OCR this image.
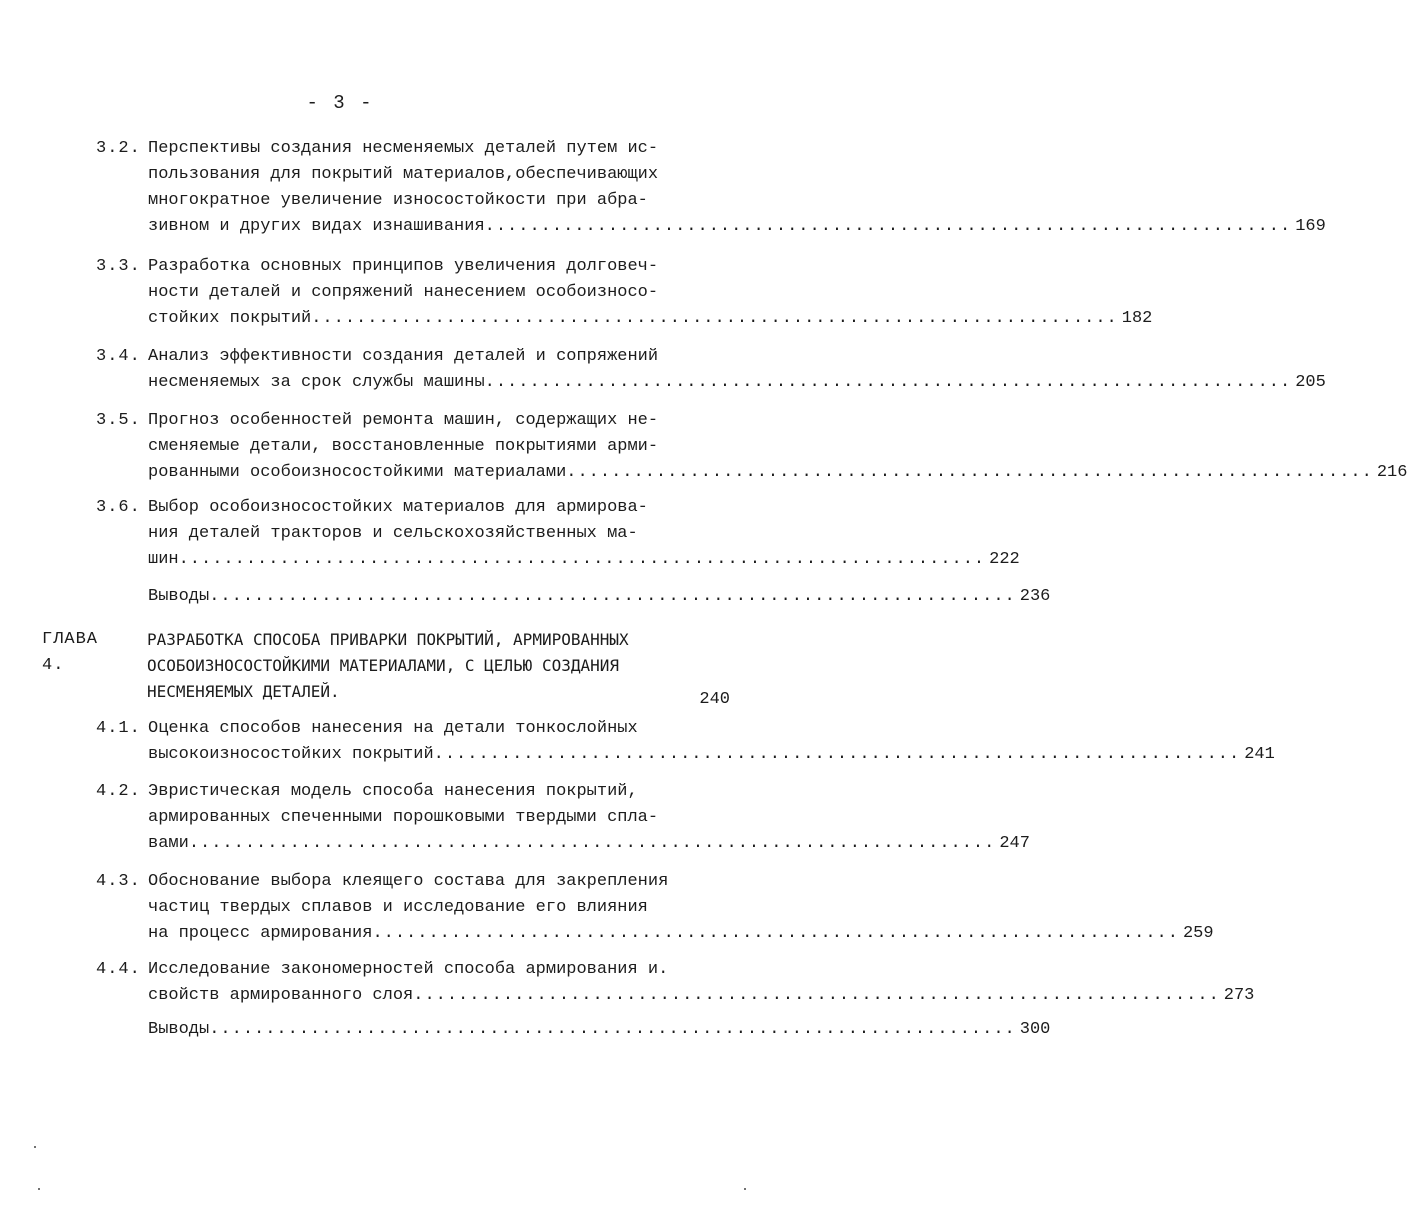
- 3 -
3.2. Перспективы создания несменяемых деталей путем ис-
пользования для покрытий материалов,обеспечивающих
многократное увеличение износостойкости при абра-
зивном и других видах изнашивания ........................................................................ 169
3.3. Разработка основных принципов увеличения долговеч-
ности деталей и сопряжений нанесением особоизносо-
стойких покрытий ........................................................................ 182
3.4. Анализ эффективности создания деталей и сопряжений
несменяемых за срок службы машины ........................................................................ 205
3.5. Прогноз особенностей ремонта машин, содержащих не-
сменяемые детали, восстановленные покрытиями арми-
рованными особоизносостойкими материалами ........................................................................ 216
3.6. Выбор особоизносостойких материалов для армирова-
ния деталей тракторов и сельскохозяйственных ма-
шин ........................................................................ 222
Выводы ........................................................................ 236
ГЛАВА 4.
РАЗРАБОТКА СПОСОБА ПРИВАРКИ ПОКРЫТИЙ, АРМИРОВАННЫХ
ОСОБОИЗНОСОСТОЙКИМИ МАТЕРИАЛАМИ, С ЦЕЛЬЮ СОЗДАНИЯ
НЕСМЕНЯЕМЫХ ДЕТАЛЕЙ.	240
4.1. Оценка способов нанесения на детали тонкослойных
высокоизносостойких покрытий ........................................................................ 241
4.2. Эвристическая модель способа нанесения покрытий,
армированных спеченными порошковыми твердыми спла-
вами ........................................................................ 247
4.3. Обоснование выбора клеящего состава для закрепления
частиц твердых сплавов и исследование его влияния
на процесс армирования ........................................................................ 259
4.4. Исследование закономерностей способа армирования и.
свойств армированного слоя ........................................................................ 273
Выводы ........................................................................ 300
